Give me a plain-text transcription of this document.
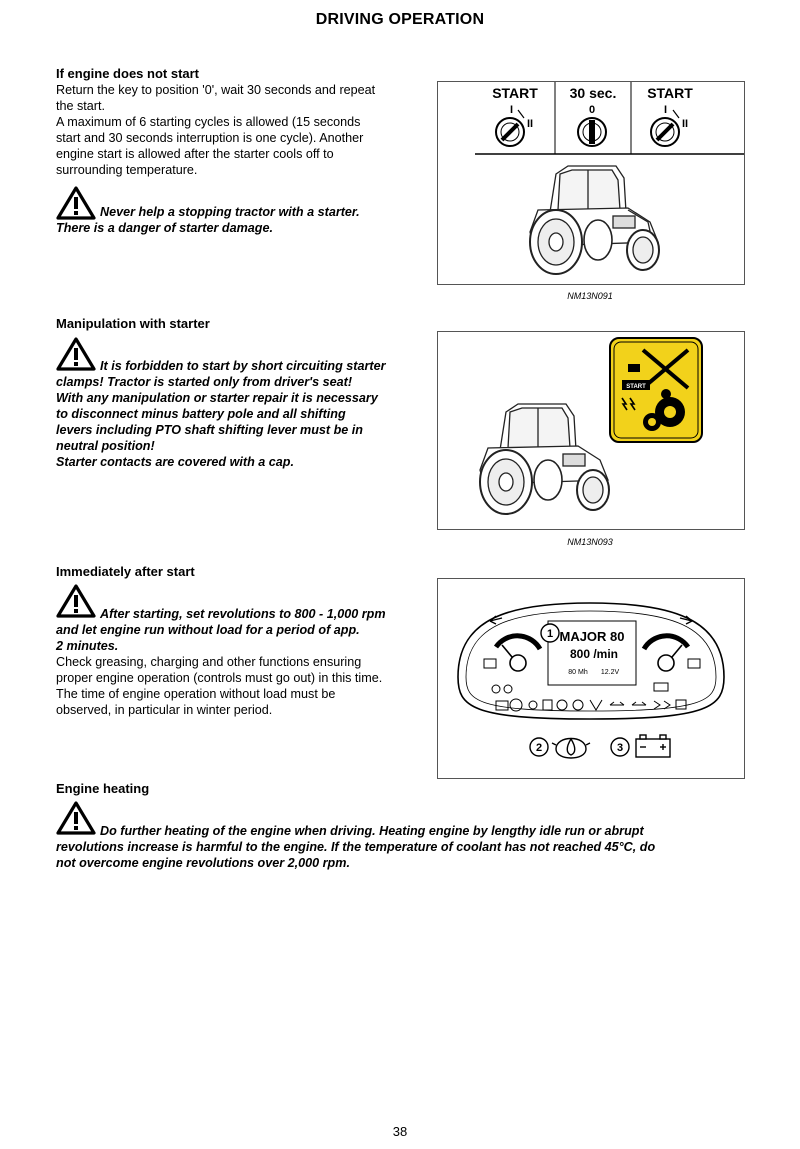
DRIVING OPERATION
If engine does not start
Return the key to position '0', wait 30 seconds and repeat
the start.
A maximum of 6 starting cycles is allowed (15 seconds
start and 30 seconds interruption is one cycle). Another
engine start is allowed after the starter cools off to
surrounding temperature.
Never help a stopping tractor with a starter.
There is a danger of starter damage.
START 30 sec. START
I
II
0	I
II
NM13N091
Manipulation with starter
It is forbidden to start by short circuiting starter
clamps! Tractor is started only from driver's seat!
With any manipulation or starter repair it is necessary
to disconnect minus battery pole and all shifting
levers including PTO shaft shifting lever must be in
neutral position!
Starter contacts are covered with a cap.
START
NM13N093
Immediately after start
After starting, set revolutions to 800 - 1,000 rpm
and let engine run without load for a period of app.
2 minutes.
Check greasing, charging and other functions ensuring
proper engine operation (controls must go out) in this time.
The time of engine operation without load must be
observed, in particular in winter period.
MAJOR 80
800 /min
80 Mh 12.2V
1
2	3
Engine heating
Do further heating of the engine when driving. Heating engine by lengthy idle run or abrupt
revolutions increase is harmful to the engine. If the temperature of coolant has not reached 45°C, do
not overcome engine revolutions over 2,000 rpm.
38
